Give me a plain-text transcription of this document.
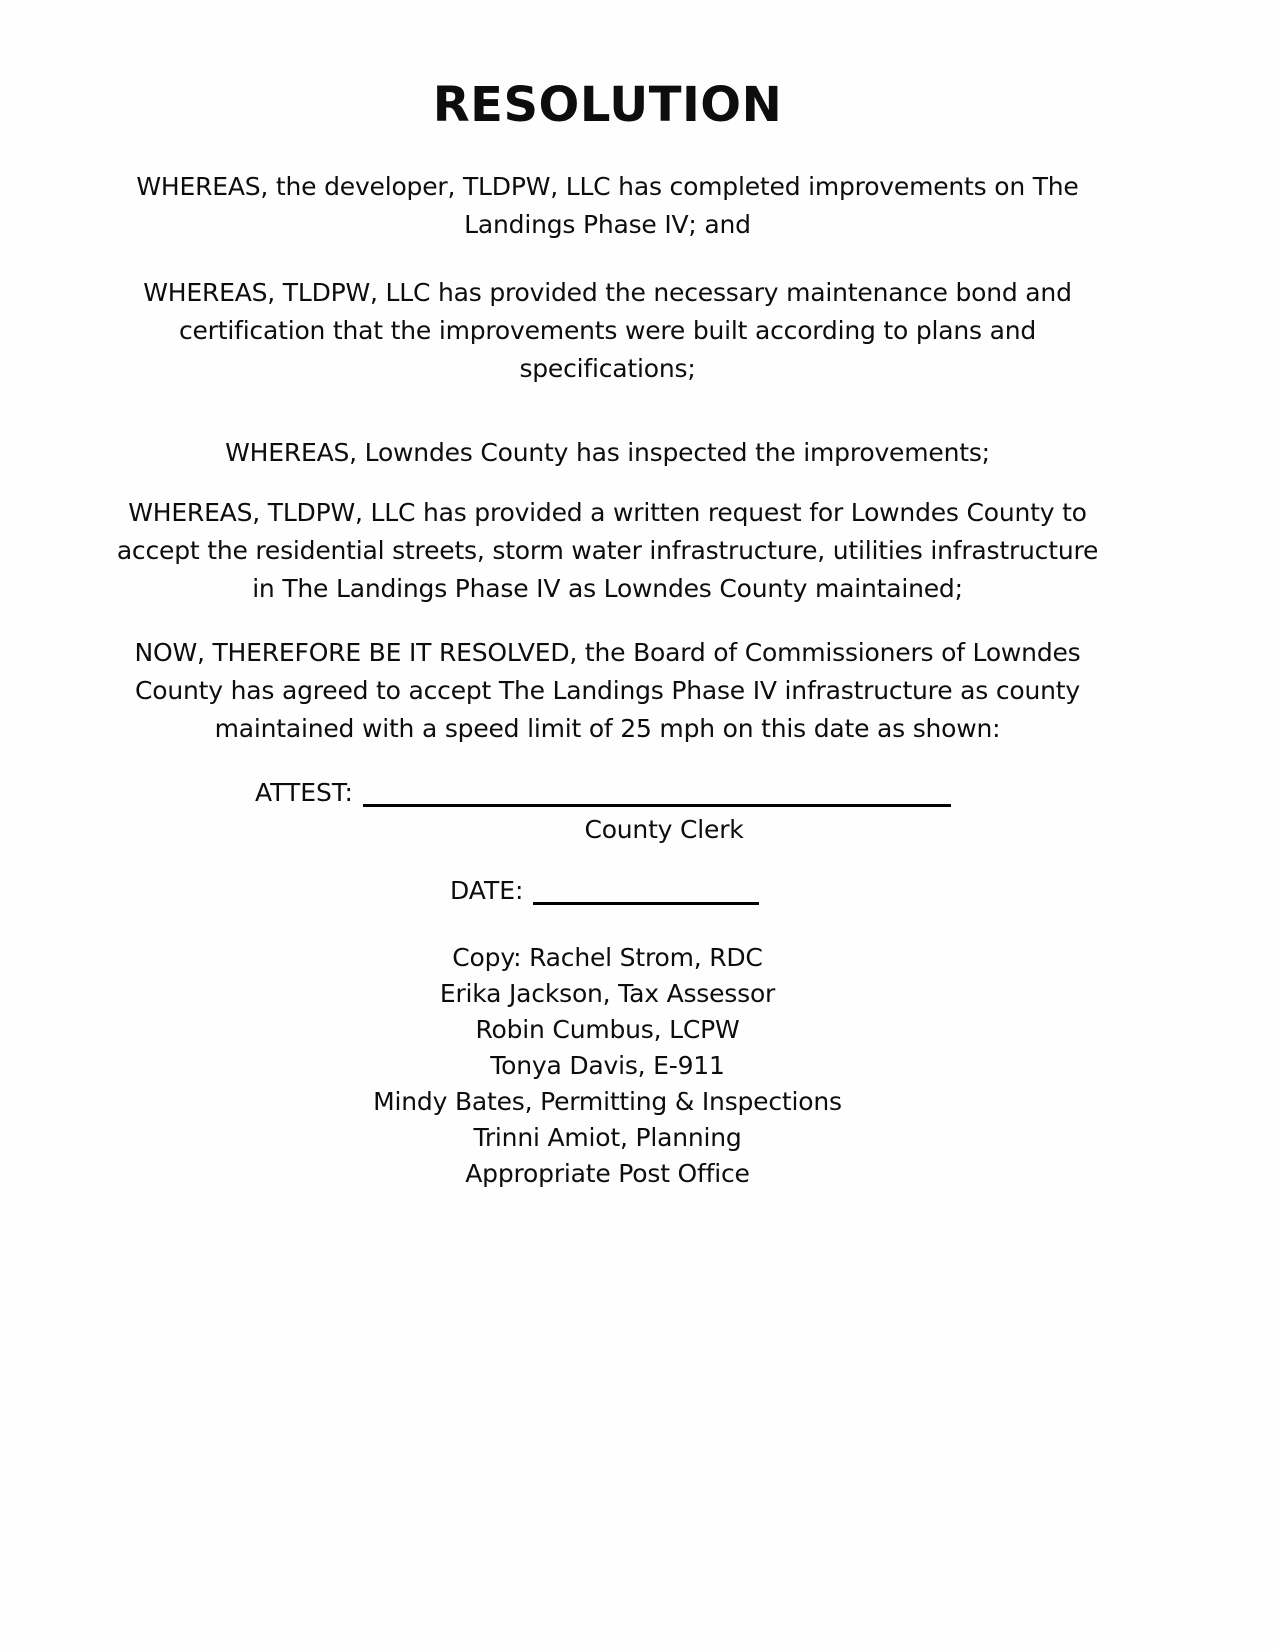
RESOLUTION
WHEREAS, the developer, TLDPW, LLC has completed improvements on The
Landings Phase IV; and
WHEREAS, TLDPW, LLC has provided the necessary maintenance bond and
certification that the improvements were built according to plans and
specifications;
WHEREAS, Lowndes County has inspected the improvements;
WHEREAS, TLDPW, LLC has provided a written request for Lowndes County to
accept the residential streets, storm water infrastructure, utilities infrastructure
in The Landings Phase IV as Lowndes County maintained;
NOW, THEREFORE BE IT RESOLVED, the Board of Commissioners of Lowndes
County has agreed to accept The Landings Phase IV infrastructure as county
maintained with a speed limit of 25 mph on this date as shown:
ATTEST:
County Clerk
DATE:
Copy: Rachel Strom, RDC
Erika Jackson, Tax Assessor
Robin Cumbus, LCPW
Tonya Davis, E-911
Mindy Bates, Permitting & Inspections
Trinni Amiot, Planning
Appropriate Post Office
